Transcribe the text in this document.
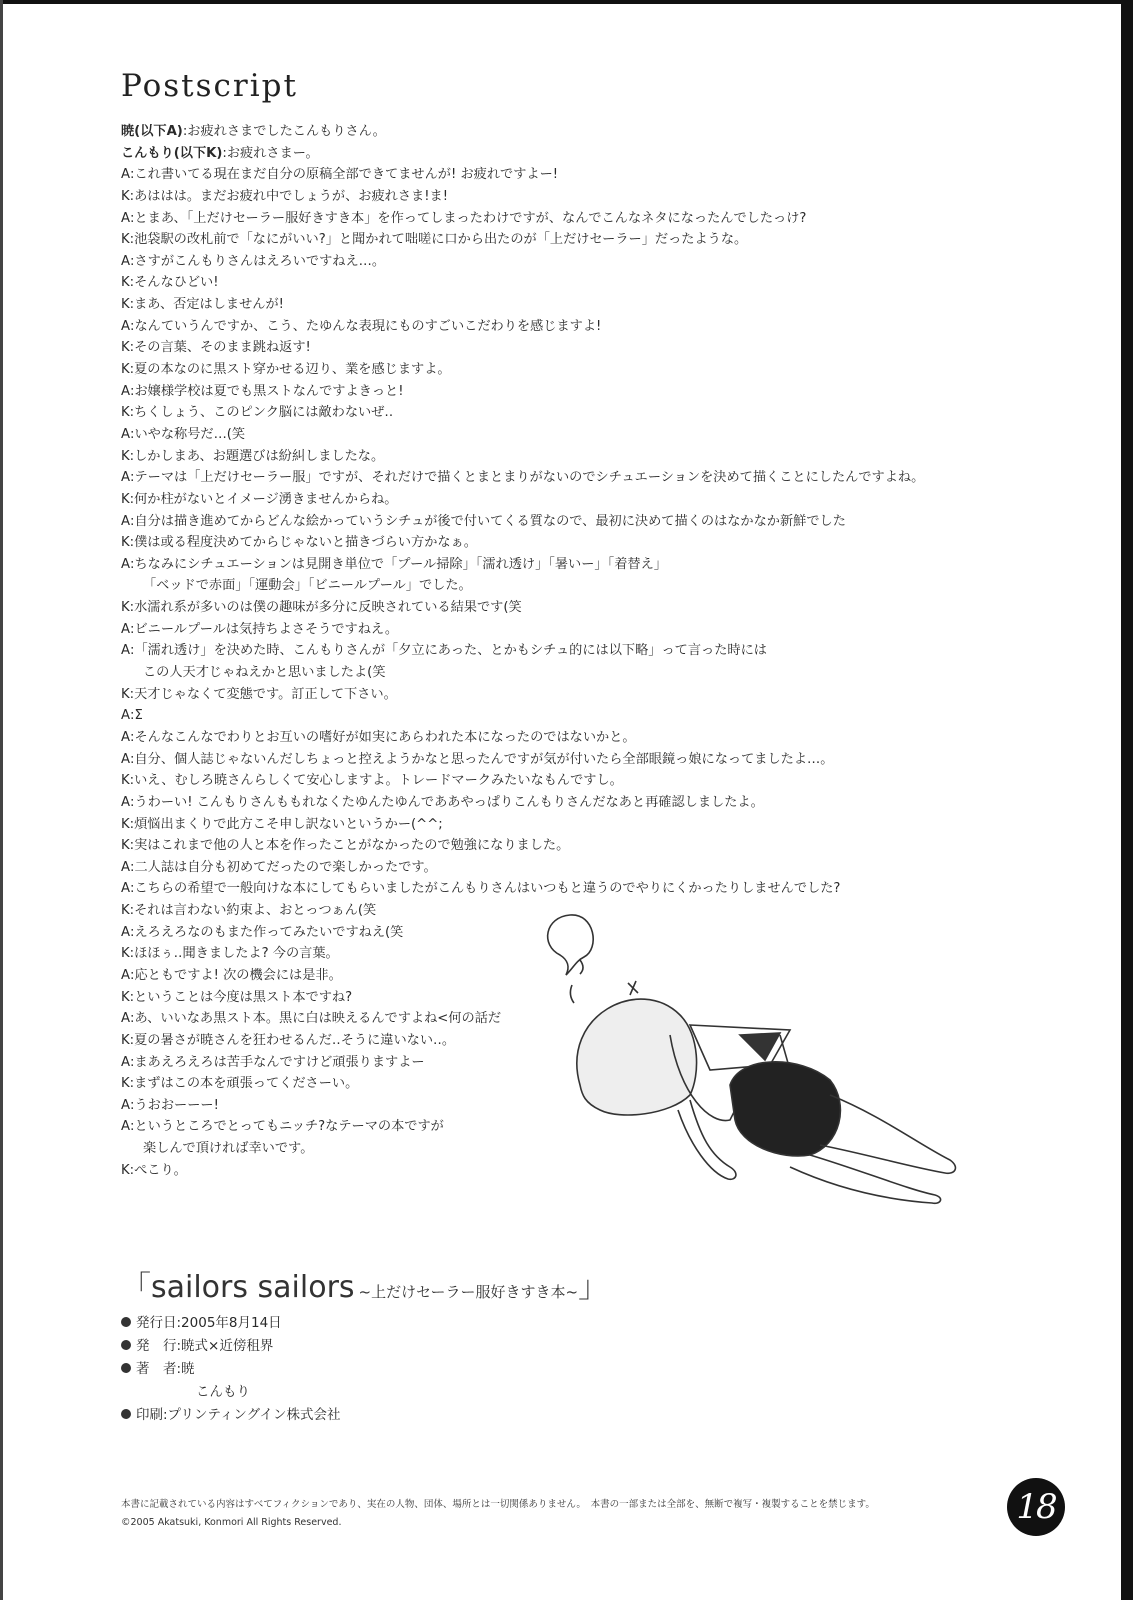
Postscript
暁(以下A) :お疲れさまでしたこんもりさん。
こんもり(以下K) :お疲れさまー。
A :これ書いてる現在まだ自分の原稿全部できてませんが! お疲れですよー!
K :あははは。まだお疲れ中でしょうが、お疲れさま!ま!
A :とまあ、「上だけセーラー服好きすき本」を作ってしまったわけですが、なんでこんなネタになったんでしたっけ?
K :池袋駅の改札前で「なにがいい?」と聞かれて咄嗟に口から出たのが「上だけセーラー」だったような。
A :さすがこんもりさんはえろいですねえ…。
K :そんなひどい!
K :まあ、否定はしませんが!
A :なんていうんですか、こう、たゆんな表現にものすごいこだわりを感じますよ!
K :その言葉、そのまま跳ね返す!
K :夏の本なのに黒スト穿かせる辺り、業を感じますよ。
A :お嬢様学校は夏でも黒ストなんですよきっと!
K :ちくしょう、このピンク脳には敵わないぜ‥
A :いやな称号だ…(笑
K :しかしまあ、お題選びは紛糾しましたな。
A :テーマは「上だけセーラー服」ですが、それだけで描くとまとまりがないのでシチュエーションを決めて描くことにしたんですよね。
K :何か柱がないとイメージ湧きませんからね。
A :自分は描き進めてからどんな絵かっていうシチュが後で付いてくる質なので、最初に決めて描くのはなかなか新鮮でした
K :僕は或る程度決めてからじゃないと描きづらい方かなぁ。
A :ちなみにシチュエーションは見開き単位で「プール掃除」「濡れ透け」「暑いー」「着替え」
「ベッドで赤面」「運動会」「ビニールプール」でした。
K :水濡れ系が多いのは僕の趣味が多分に反映されている結果です(笑
A :ビニールプールは気持ちよさそうですねえ。
A :「濡れ透け」を決めた時、こんもりさんが「夕立にあった、とかもシチュ的には以下略」って言った時には
この人天才じゃねえかと思いましたよ(笑
K :天才じゃなくて変態です。訂正して下さい。
A :Σ
A :そんなこんなでわりとお互いの嗜好が如実にあらわれた本になったのではないかと。
A :自分、個人誌じゃないんだしちょっと控えようかなと思ったんですが気が付いたら全部眼鏡っ娘になってましたよ…。
K :いえ、むしろ暁さんらしくて安心しますよ。トレードマークみたいなもんですし。
A :うわーい! こんもりさんももれなくたゆんたゆんでああやっぱりこんもりさんだなあと再確認しましたよ。
K :煩悩出まくりで此方こそ申し訳ないというかー(^^;
K :実はこれまで他の人と本を作ったことがなかったので勉強になりました。
A :二人誌は自分も初めてだったので楽しかったです。
A :こちらの希望で一般向けな本にしてもらいましたがこんもりさんはいつもと違うのでやりにくかったりしませんでした?
K :それは言わない約束よ、おとっつぁん(笑
A :えろえろなのもまた作ってみたいですねえ(笑
K :ほほぅ‥聞きましたよ? 今の言葉。
A :応ともですよ! 次の機会には是非。
K :ということは今度は黒スト本ですね?
A :あ、いいなあ黒スト本。黒に白は映えるんですよね<何の話だ
K :夏の暑さが暁さんを狂わせるんだ‥そうに違いない‥。
A :まあえろえろは苦手なんですけど頑張りますよー
K :まずはこの本を頑張ってくださーい。
A :うおおーーー!
A :というところでとってもニッチ?なテーマの本ですが
楽しんで頂ければ幸いです。
K :ぺこり。
「 sailors sailors ~上だけセーラー服好きすき本~ 」
発行日:2005年8月14日
発　行:暁式×近傍租界
著　者:暁
こんもり
印刷:プリンティングイン株式会社
本書に記載されている内容はすべてフィクションであり、実在の人物、団体、場所とは一切関係ありません。　本書の一部または全部を、無断で複写・複製することを禁じます。
©2005 Akatsuki, Konmori All Rights Reserved.	18
